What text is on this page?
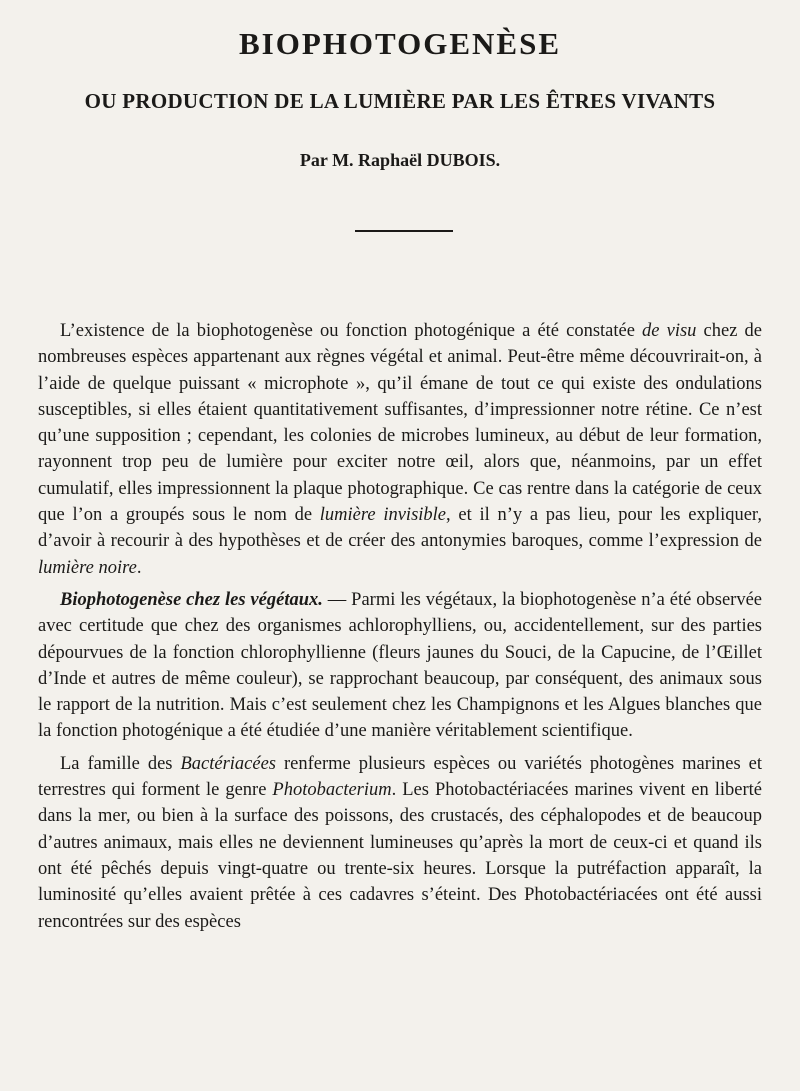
BIOPHOTOGENÈSE
OU PRODUCTION DE LA LUMIÈRE PAR LES ÊTRES VIVANTS
Par M. Raphaël DUBOIS.

L’existence de la biophotogenèse ou fonction photogénique a été constatée de visu chez de nombreuses espèces appartenant aux règnes végétal et animal. Peut-être même découvrirait-on, à l’aide de quelque puissant « microphote », qu’il émane de tout ce qui existe des ondulations susceptibles, si elles étaient quantitativement suffisantes, d’impressionner notre rétine. Ce n’est qu’une supposition ; cependant, les colonies de microbes lumineux, au début de leur formation, rayonnent trop peu de lumière pour exciter notre œil, alors que, néanmoins, par un effet cumulatif, elles impressionnent la plaque photographique. Ce cas rentre dans la catégorie de ceux que l’on a groupés sous le nom de lumière invisible, et il n’y a pas lieu, pour les expliquer, d’avoir à recourir à des hypothèses et de créer des antonymies baroques, comme l’expression de lumière noire.

Biophotogenèse chez les végétaux. — Parmi les végétaux, la biophotogenèse n’a été observée avec certitude que chez des organismes achlorophylliens, ou, accidentellement, sur des parties dépourvues de la fonction chlorophyllienne (fleurs jaunes du Souci, de la Capucine, de l’Œillet d’Inde et autres de même couleur), se rapprochant beaucoup, par conséquent, des animaux sous le rapport de la nutrition. Mais c’est seulement chez les Champignons et les Algues blanches que la fonction photogénique a été étudiée d’une manière véritablement scientifique.

La famille des Bactériacées renferme plusieurs espèces ou variétés photogènes marines et terrestres qui forment le genre Photobacterium. Les Photobactériacées marines vivent en liberté dans la mer, ou bien à la surface des poissons, des crustacés, des céphalopodes et de beaucoup d’autres animaux, mais elles ne deviennent lumineuses qu’après la mort de ceux-ci et quand ils ont été pêchés depuis vingt-quatre ou trente-six heures. Lorsque la putréfaction apparaît, la luminosité qu’elles avaient prêtée à ces cadavres s’éteint. Des Photobactériacées ont été aussi rencontrées sur des espèces
